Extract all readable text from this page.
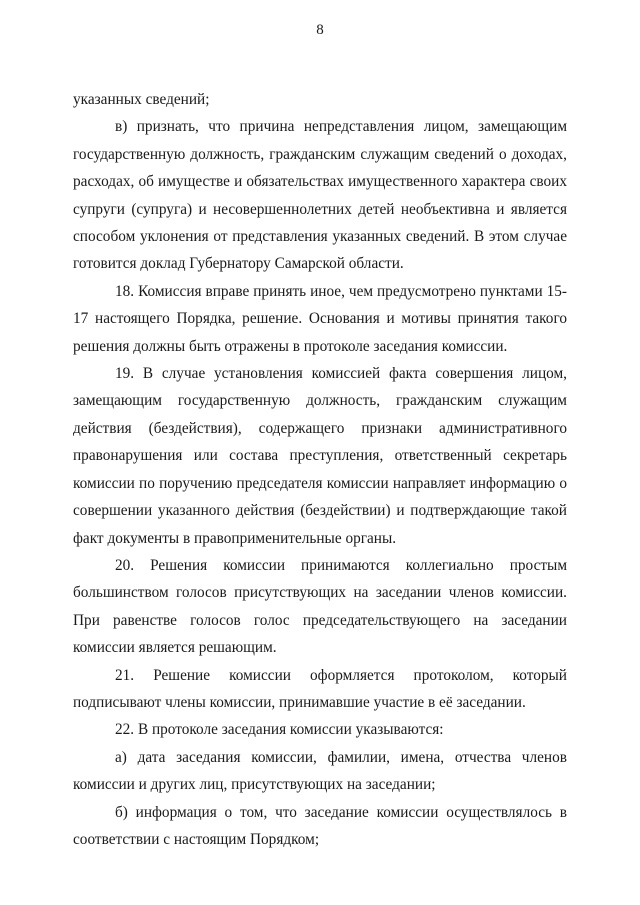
8

указанных сведений;

в) признать, что причина непредставления лицом, замещающим государственную должность, гражданским служащим сведений о доходах, расходах, об имуществе и обязательствах имущественного характера своих супруги (супруга) и несовершеннолетних детей необъективна и является способом уклонения от представления указанных сведений. В этом случае готовится доклад Губернатору Самарской области.

18. Комиссия вправе принять иное, чем предусмотрено пунктами 15-17 настоящего Порядка, решение. Основания и мотивы принятия такого решения должны быть отражены в протоколе заседания комиссии.

19. В случае установления комиссией факта совершения лицом, замещающим государственную должность, гражданским служащим действия (бездействия), содержащего признаки административного правонарушения или состава преступления, ответственный секретарь комиссии по поручению председателя комиссии направляет информацию о совершении указанного действия (бездействии) и подтверждающие такой факт документы в правоприменительные органы.

20. Решения комиссии принимаются коллегиально простым большинством голосов присутствующих на заседании членов комиссии. При равенстве голосов голос председательствующего на заседании комиссии является решающим.

21. Решение комиссии оформляется протоколом, который подписывают члены комиссии, принимавшие участие в её заседании.

22. В протоколе заседания комиссии указываются:

а) дата заседания комиссии, фамилии, имена, отчества членов комиссии и других лиц, присутствующих на заседании;

б) информация о том, что заседание комиссии осуществлялось в соответствии с настоящим Порядком;
